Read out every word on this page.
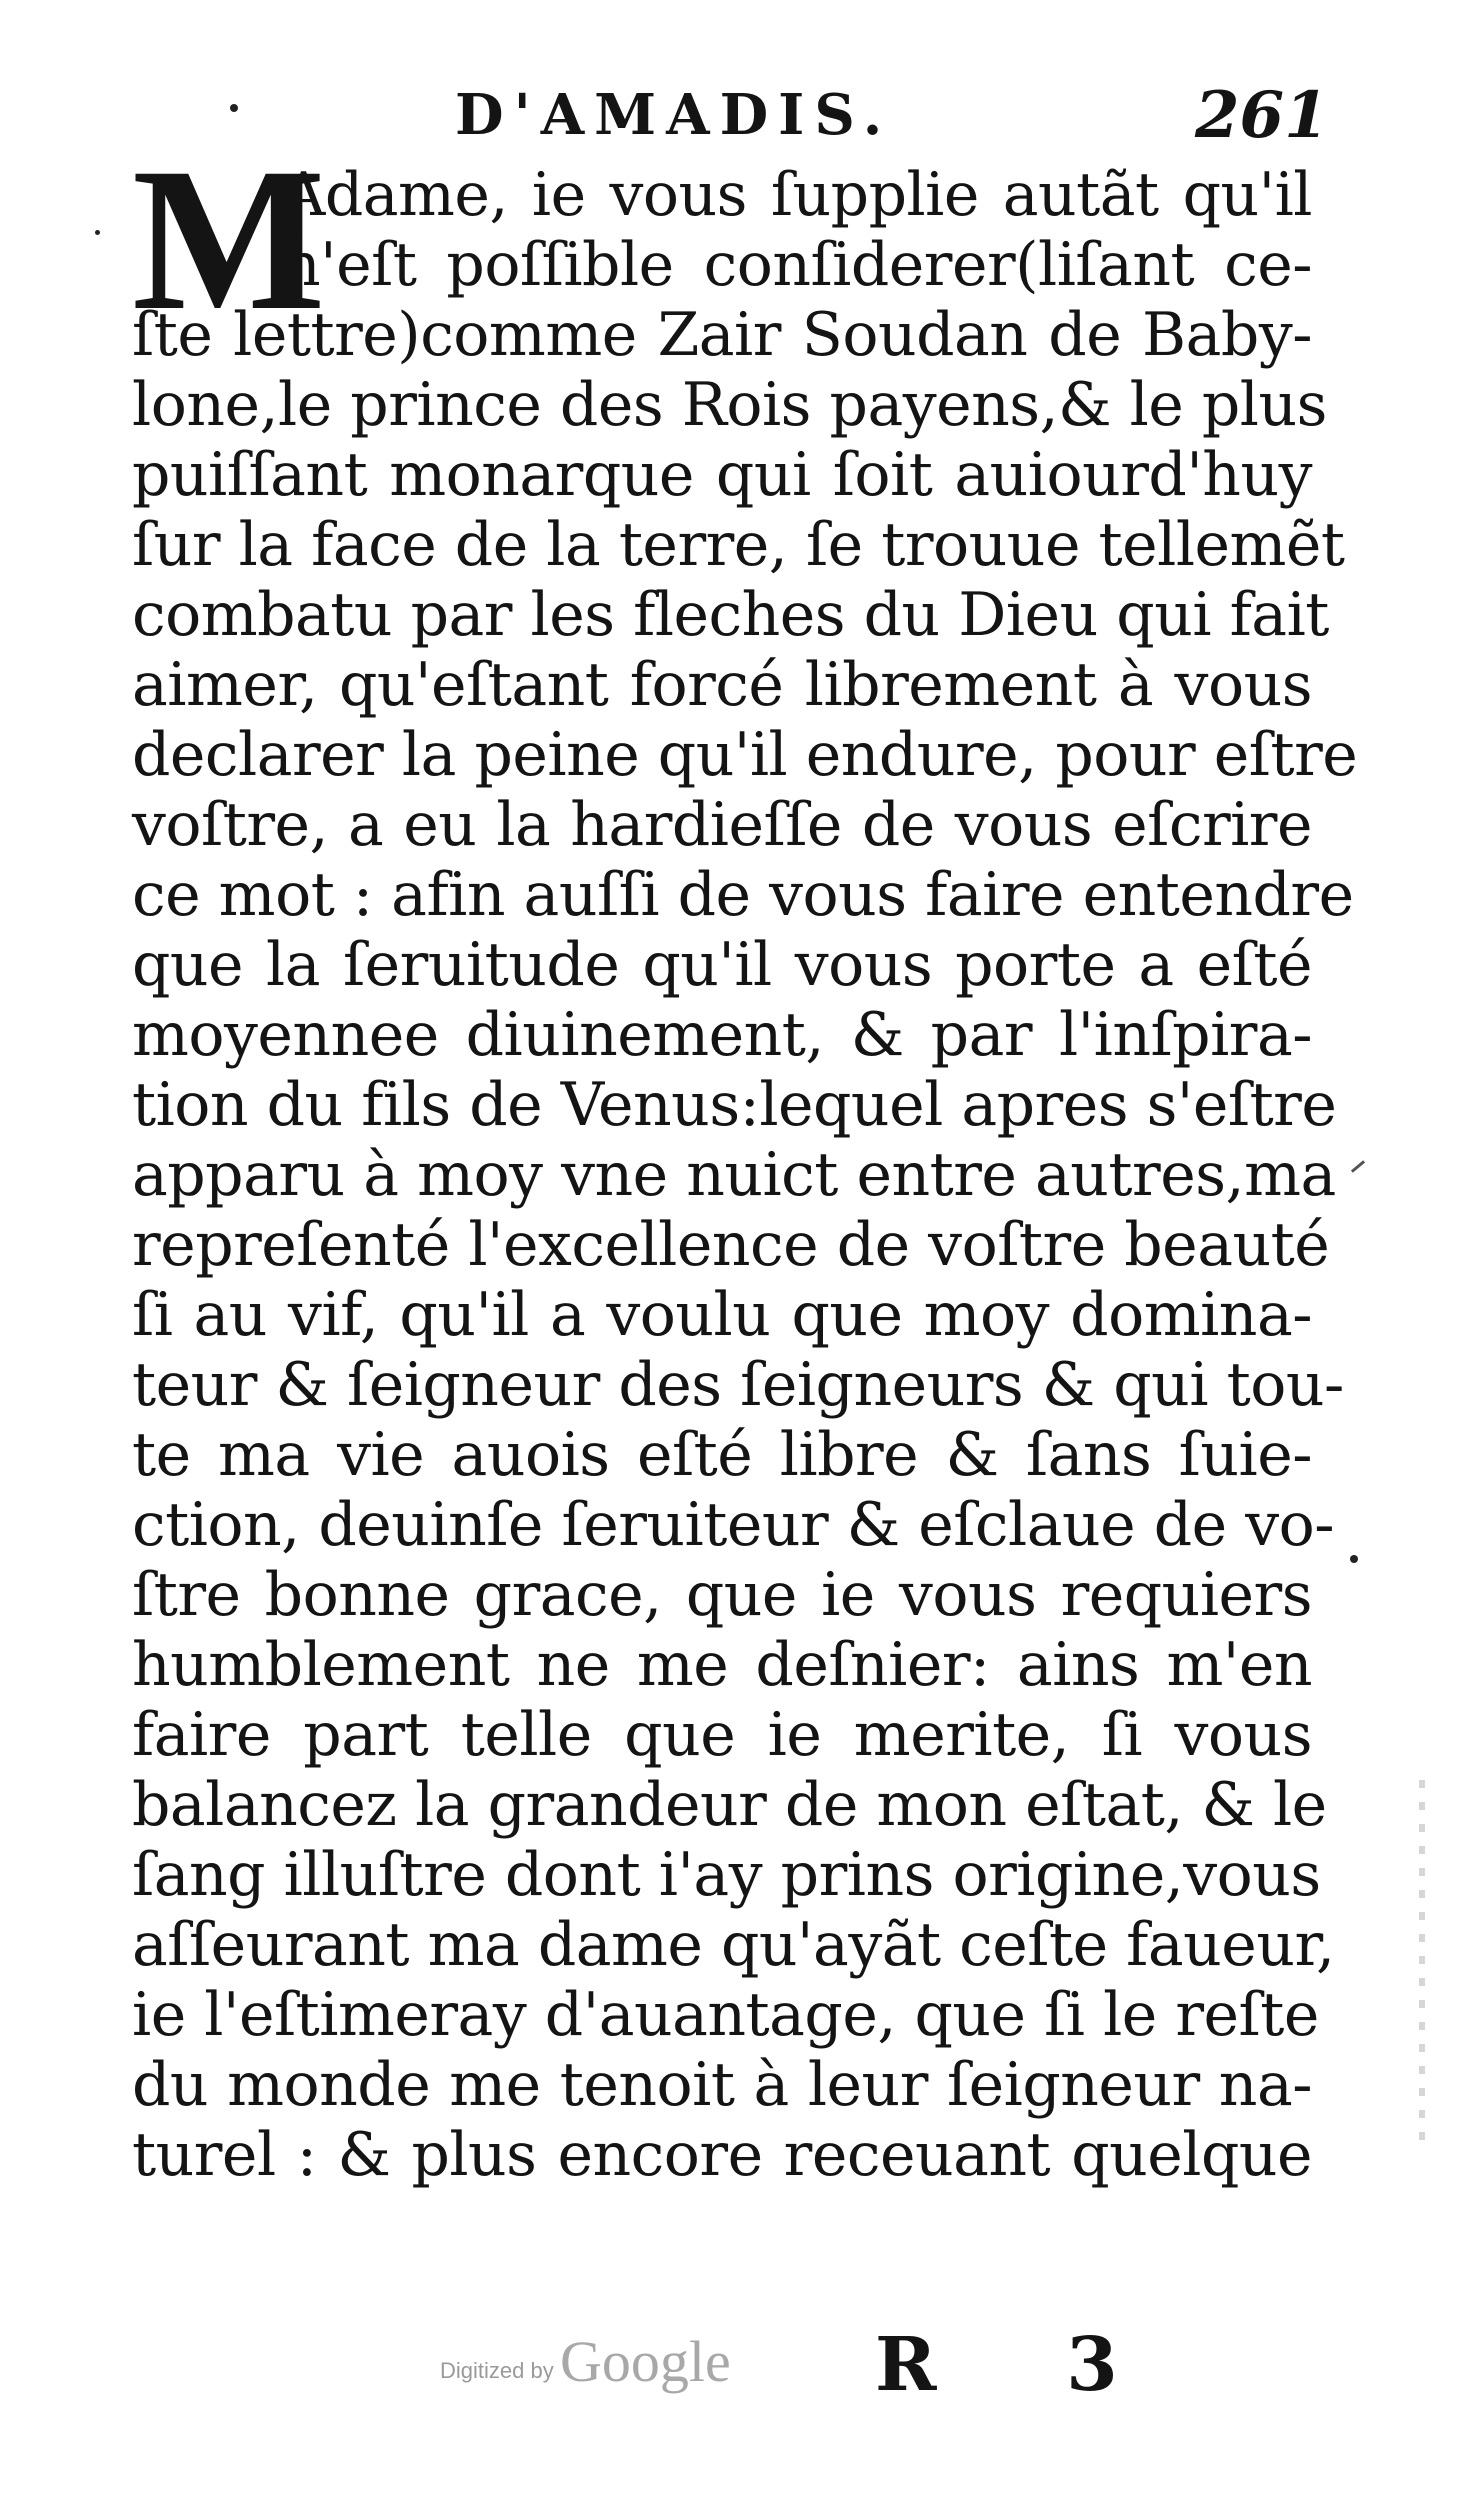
D'AMADIS.	261
M
Adame, ie vous ſupplie autãt qu'il
n'eſt poſſible conſiderer(liſant ce-
ſte lettre)comme Zair Soudan de Baby-
lone,le prince des Rois payens,& le plus
puiſſant monarque qui ſoit auiourd'huy
ſur la face de la terre, ſe trouue tellemẽt
combatu par les fleches du Dieu qui fait
aimer, qu'eſtant forcé librement à vous
declarer la peine qu'il endure, pour eſtre
voſtre, a eu la hardieſſe de vous eſcrire
ce mot : afin auſſi de vous faire entendre
que la ſeruitude qu'il vous porte a eſté
moyennee diuinement, & par l'inſpira-
tion du fils de Venus:lequel apres s'eſtre
apparu à moy vne nuict entre autres,ma
repreſenté l'excellence de voſtre beauté
ſi au vif, qu'il a voulu que moy domina-
teur & ſeigneur des ſeigneurs & qui tou-
te ma vie auois eſté libre & ſans ſuie-
ction, deuinſe ſeruiteur & eſclaue de vo-
ſtre bonne grace, que ie vous requiers
humblement ne me deſnier: ains m'en
faire part telle que ie merite, ſi vous
balancez la grandeur de mon eſtat, & le
ſang illuſtre dont i'ay prins origine,vous
aſſeurant ma dame qu'ayãt ceſte faueur,
ie l'eſtimeray d'auantage, que ſi le reſte
du monde me tenoit à leur ſeigneur na-
turel : & plus encore receuant quelque
Digitized by Google R 3
